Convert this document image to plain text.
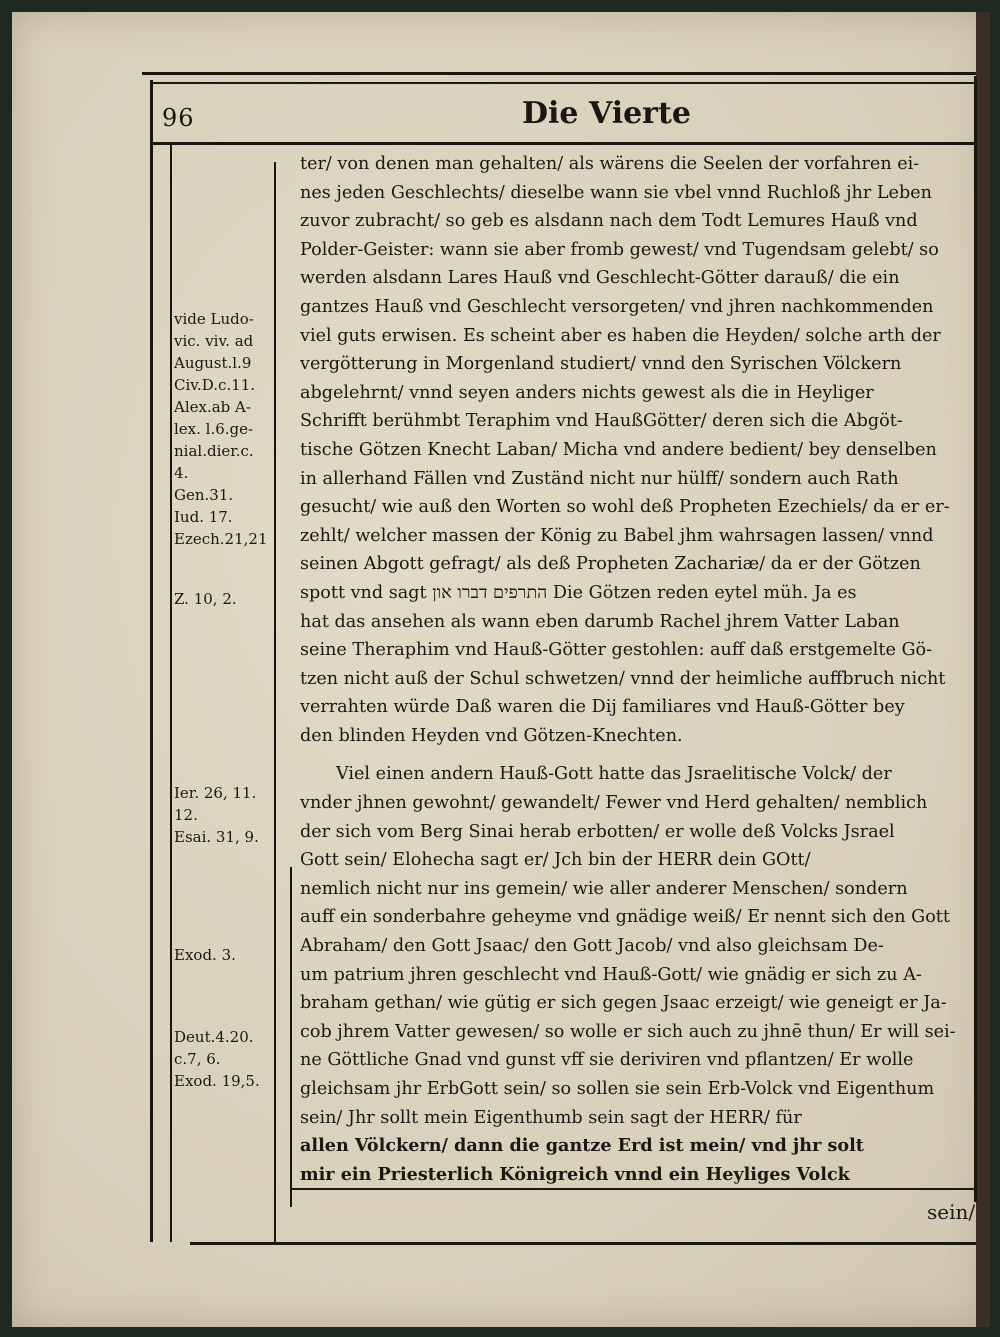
96	Die Vierte
ter/ von denen man gehalten/ als wärens die Seelen der vorfahren ei-
nes jeden Geschlechts/ dieselbe wann sie vbel vnnd Ruchloß jhr Leben
zuvor zubracht/ so geb es alsdann nach dem Todt Lemures Hauß vnd
Polder-Geister: wann sie aber fromb gewest/ vnd Tugendsam gelebt/ so
werden alsdann Lares Hauß vnd Geschlecht-Götter darauß/ die ein
gantzes Hauß vnd Geschlecht versorgeten/ vnd jhren nachkommenden
viel guts erwisen. Es scheint aber es haben die Heyden/ solche arth der
vergötterung in Morgenland studiert/ vnnd den Syrischen Völckern
abgelehrnt/ vnnd seyen anders nichts gewest als die in Heyliger
Schrifft berühmbt Teraphim vnd HaußGötter/ deren sich die Abgöt-
tische Götzen Knecht Laban/ Micha vnd andere bedient/ bey denselben
in allerhand Fällen vnd Zuständ nicht nur hülff/ sondern auch Rath
gesucht/ wie auß den Worten so wohl deß Propheten Ezechiels/ da er er-
zehlt/ welcher massen der König zu Babel jhm wahrsagen lassen/ vnnd
seinen Abgott gefragt/ als deß Propheten Zachariæ/ da er der Götzen
spott vnd sagt התרפים דברו און Die Götzen reden eytel müh. Ja es
hat das ansehen als wann eben darumb Rachel jhrem Vatter Laban
seine Theraphim vnd Hauß-Götter gestohlen: auff daß erstgemelte Gö-
tzen nicht auß der Schul schwetzen/ vnnd der heimliche auffbruch nicht
verrahten würde Daß waren die Dij familiares vnd Hauß-Götter bey
den blinden Heyden vnd Götzen-Knechten.
Viel einen andern Hauß-Gott hatte das Jsraelitische Volck/ der
vnder jhnen gewohnt/ gewandelt/ Fewer vnd Herd gehalten/ nemblich
der sich vom Berg Sinai herab erbotten/ er wolle deß Volcks Jsrael
Gott sein/ Elohecha sagt er/ Jch bin der HERR dein GOtt/
nemlich nicht nur ins gemein/ wie aller anderer Menschen/ sondern
auff ein sonderbahre geheyme vnd gnädige weiß/ Er nennt sich den Gott
Abraham/ den Gott Jsaac/ den Gott Jacob/ vnd also gleichsam De-
um patrium jhren geschlecht vnd Hauß-Gott/ wie gnädig er sich zu A-
braham gethan/ wie gütig er sich gegen Jsaac erzeigt/ wie geneigt er Ja-
cob jhrem Vatter gewesen/ so wolle er sich auch zu jhnē thun/ Er will sei-
ne Göttliche Gnad vnd gunst vff sie deriviren vnd pflantzen/ Er wolle
gleichsam jhr ErbGott sein/ so sollen sie sein Erb-Volck vnd Eigenthum
sein/ Jhr sollt mein Eigenthumb sein sagt der HERR/ für
allen Völckern/ dann die gantze Erd ist mein/ vnd jhr solt
mir ein Priesterlich Königreich vnnd ein Heyliges Volck
vide Ludo-
vic. viv. ad
August.l.9
Civ.D.c.11.
Alex.ab A-
lex. l.6.ge-
nial.dier.c.
4.
Gen.31.
Iud. 17.
Ezech.21,21
Z. 10, 2.
Ier. 26, 11.
12.
Esai. 31, 9.
Exod. 3.
Deut.4.20.
c.7, 6.
Exod. 19,5.
sein/
